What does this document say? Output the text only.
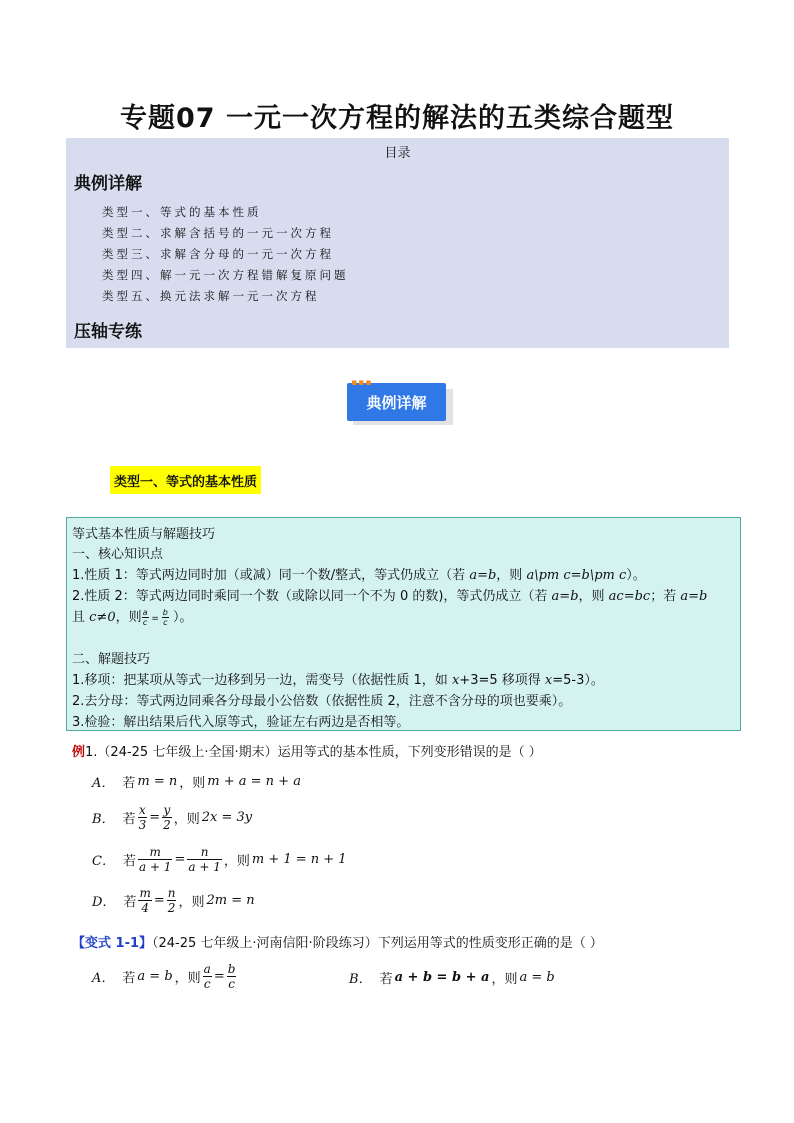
专题07 一元一次方程的解法的五类综合题型
目录
典例详解
类型一、等式的基本性质
类型二、求解含括号的一元一次方程
类型三、求解含分母的一元一次方程
类型四、解一元一次方程错解复原问题
类型五、换元法求解一元一次方程
压轴专练
典例详解
▪▪▪
类型一、等式的基本性质
等式基本性质与解题技巧
一、核心知识点
1.性质 1：等式两边同时加（或减）同一个数/整式，等式仍成立（若 a=b，则 a\pm c=b\pm c）。
2.性质 2：等式两边同时乘同一个数（或除以同一个不为 0 的数)，等式仍成立（若 a=b，则 ac=bc；若 a=b
且 c≠0，则 $\frac{a}{c} = \frac{b}{c}$ ）。
二、解题技巧
1.移项：把某项从等式一边移到另一边，需变号（依据性质 1，如 x+3=5 移项得 x=5-3）。
2.去分母：等式两边同乘各分母最小公倍数（依据性质 2，注意不含分母的项也要乘）。
3.检验：解出结果后代入原等式，验证左右两边是否相等。
例1.（24-25 七年级上·全国·期末）运用等式的基本性质，下列变形错误的是（ ）
A． 若 m = n ，则 m + a = n + a
B． 若 $\frac{x}{3} = \frac{y}{2}$ ，则 2x = 3y
C． 若 $\frac{m}{a + 1} = \frac{n}{a + 1}$ ，则 m + 1 = n + 1
D． 若 $\frac{m}{4} = \frac{n}{2}$ ，则 2m = n
【变式 1-1】（24-25 七年级上·河南信阳·阶段练习）下列运用等式的性质变形正确的是（ ）
A． 若 a = b ，则 $\frac{a}{c} = \frac{b}{c}$	B． 若 a + b = b + a ，则 a = b
